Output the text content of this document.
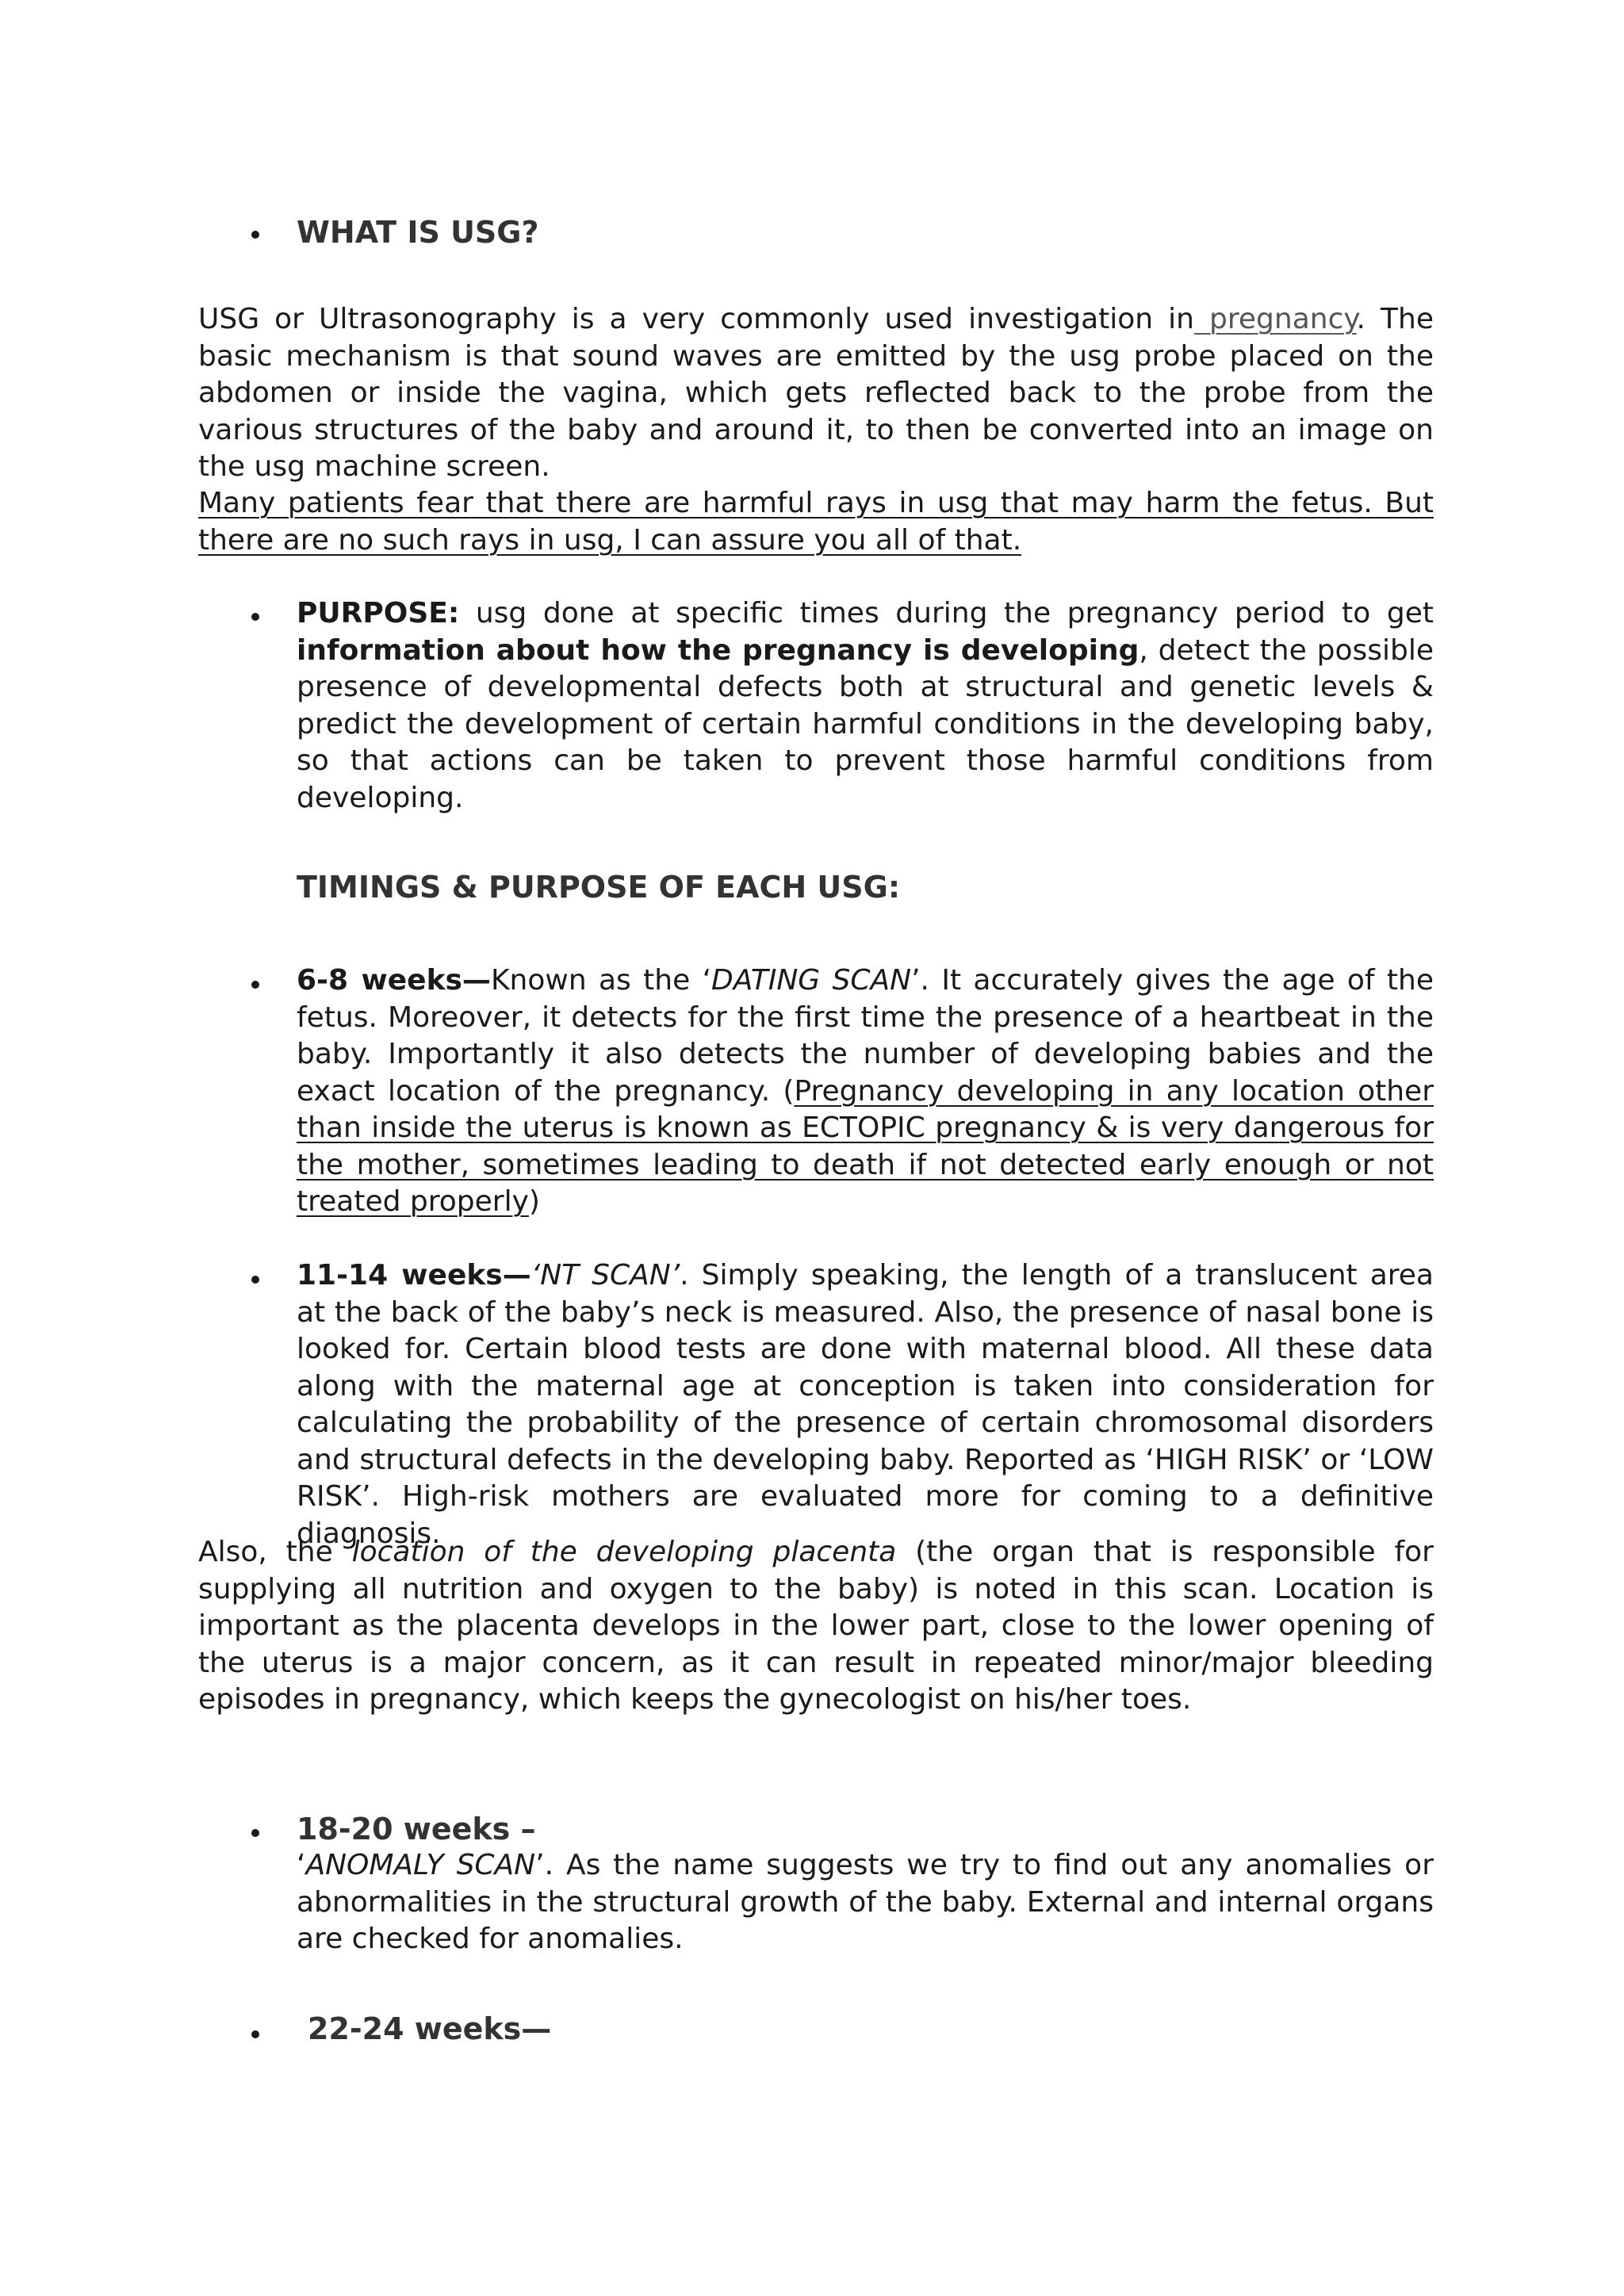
WHAT IS USG?

USG or Ultrasonography is a very commonly used investigation in pregnancy. The basic mechanism is that sound waves are emitted by the usg probe placed on the abdomen or inside the vagina, which gets reflected back to the probe from the various structures of the baby and around it, to then be converted into an image on the usg machine screen.

Many patients fear that there are harmful rays in usg that may harm the fetus. But there are no such rays in usg, I can assure you all of that.

PURPOSE: usg done at specific times during the pregnancy period to get information about how the pregnancy is developing, detect the possible presence of developmental defects both at structural and genetic levels & predict the development of certain harmful conditions in the developing baby, so that actions can be taken to prevent those harmful conditions from developing.

TIMINGS & PURPOSE OF EACH USG:

6-8 weeks—Known as the ‘DATING SCAN’. It accurately gives the age of the fetus. Moreover, it detects for the first time the presence of a heartbeat in the baby. Importantly it also detects the number of developing babies and the exact location of the pregnancy. (Pregnancy developing in any location other than inside the uterus is known as ECTOPIC pregnancy & is very dangerous for the mother, sometimes leading to death if not detected early enough or not treated properly)

11-14 weeks—‘NT SCAN’. Simply speaking, the length of a translucent area at the back of the baby’s neck is measured. Also, the presence of nasal bone is looked for. Certain blood tests are done with maternal blood. All these data along with the maternal age at conception is taken into consideration for calculating the probability of the presence of certain chromosomal disorders and structural defects in the developing baby. Reported as ‘HIGH RISK’ or ‘LOW RISK’. High-risk mothers are evaluated more for coming to a definitive diagnosis.

Also, the location of the developing placenta (the organ that is responsible for supplying all nutrition and oxygen to the baby) is noted in this scan. Location is important as the placenta develops in the lower part, close to the lower opening of the uterus is a major concern, as it can result in repeated minor/major bleeding episodes in pregnancy, which keeps the gynecologist on his/her toes.

18-20 weeks –

‘ANOMALY SCAN’. As the name suggests we try to find out any anomalies or abnormalities in the structural growth of the baby. External and internal organs are checked for anomalies.

22-24 weeks—
